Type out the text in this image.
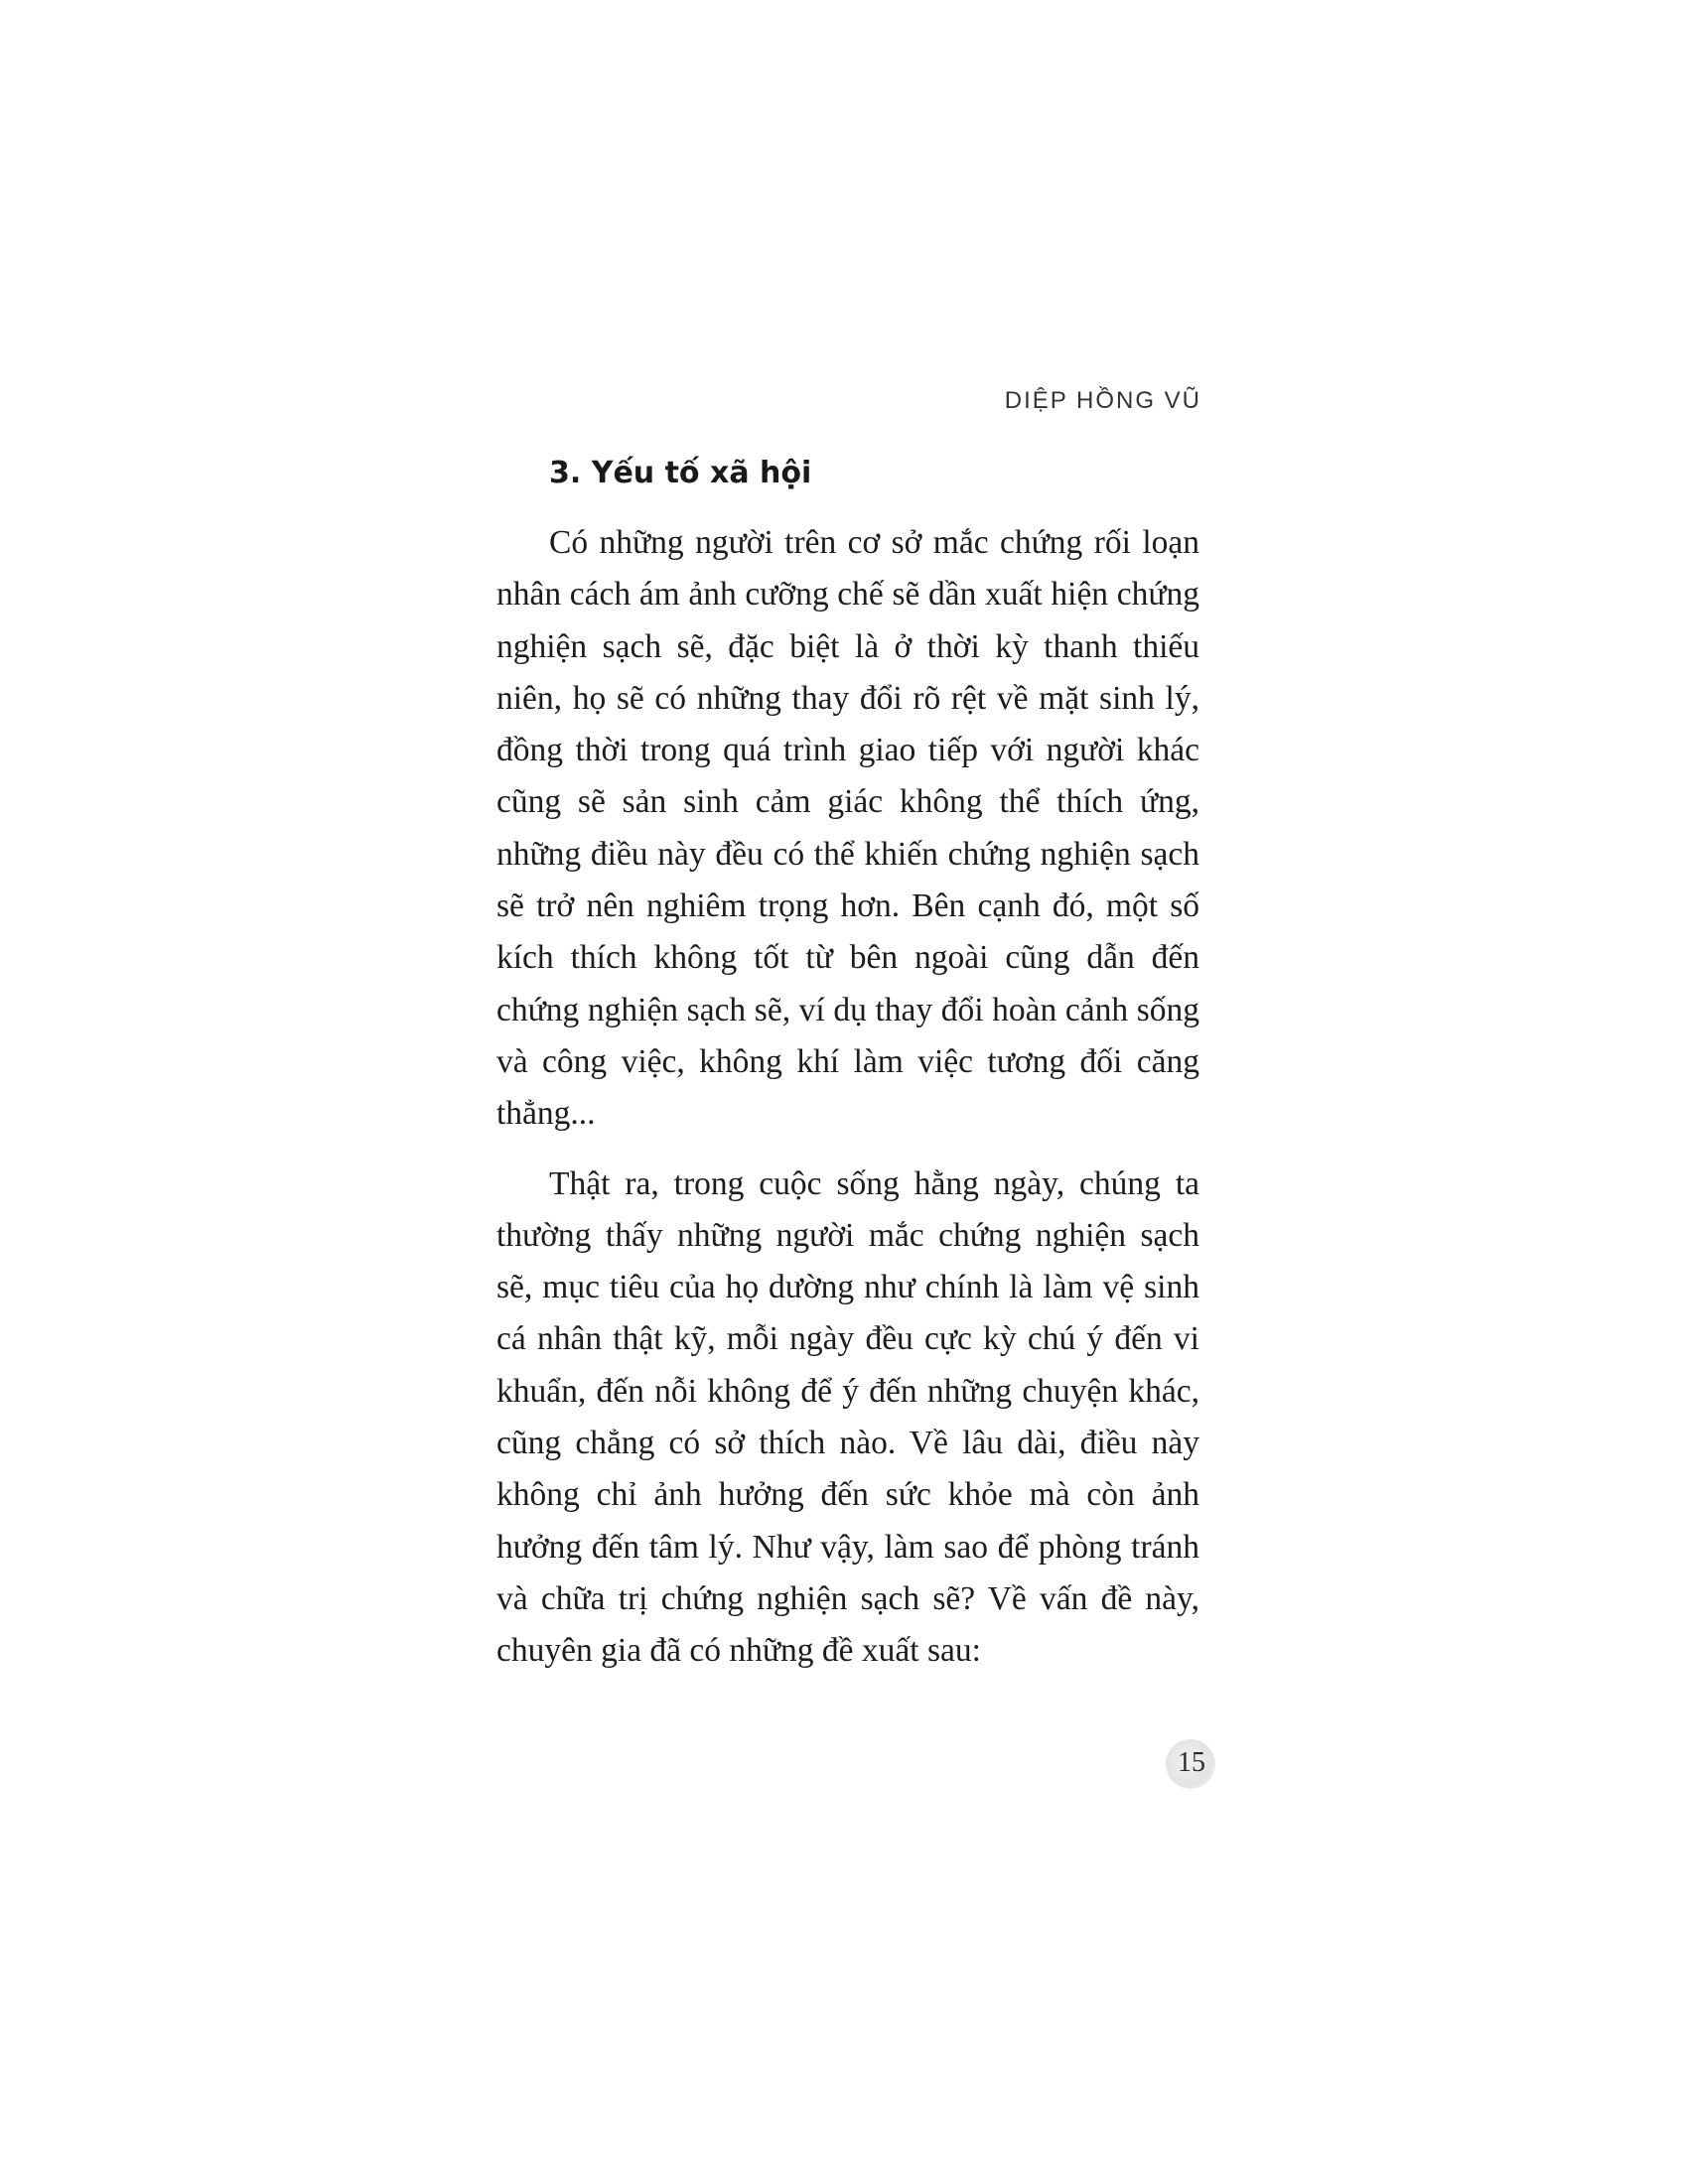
DIỆP HỒNG VŨ
3. Yếu tố xã hội

Có những người trên cơ sở mắc chứng rối loạn nhân cách ám ảnh cưỡng chế sẽ dần xuất hiện chứng nghiện sạch sẽ, đặc biệt là ở thời kỳ thanh thiếu niên, họ sẽ có những thay đổi rõ rệt về mặt sinh lý, đồng thời trong quá trình giao tiếp với người khác cũng sẽ sản sinh cảm giác không thể thích ứng, những điều này đều có thể khiến chứng nghiện sạch sẽ trở nên nghiêm trọng hơn. Bên cạnh đó, một số kích thích không tốt từ bên ngoài cũng dẫn đến chứng nghiện sạch sẽ, ví dụ thay đổi hoàn cảnh sống và công việc, không khí làm việc tương đối căng thẳng...

Thật ra, trong cuộc sống hằng ngày, chúng ta thường thấy những người mắc chứng nghiện sạch sẽ, mục tiêu của họ dường như chính là làm vệ sinh cá nhân thật kỹ, mỗi ngày đều cực kỳ chú ý đến vi khuẩn, đến nỗi không để ý đến những chuyện khác, cũng chẳng có sở thích nào. Về lâu dài, điều này không chỉ ảnh hưởng đến sức khỏe mà còn ảnh hưởng đến tâm lý. Như vậy, làm sao để phòng tránh và chữa trị chứng nghiện sạch sẽ? Về vấn đề này, chuyên gia đã có những đề xuất sau:

15
